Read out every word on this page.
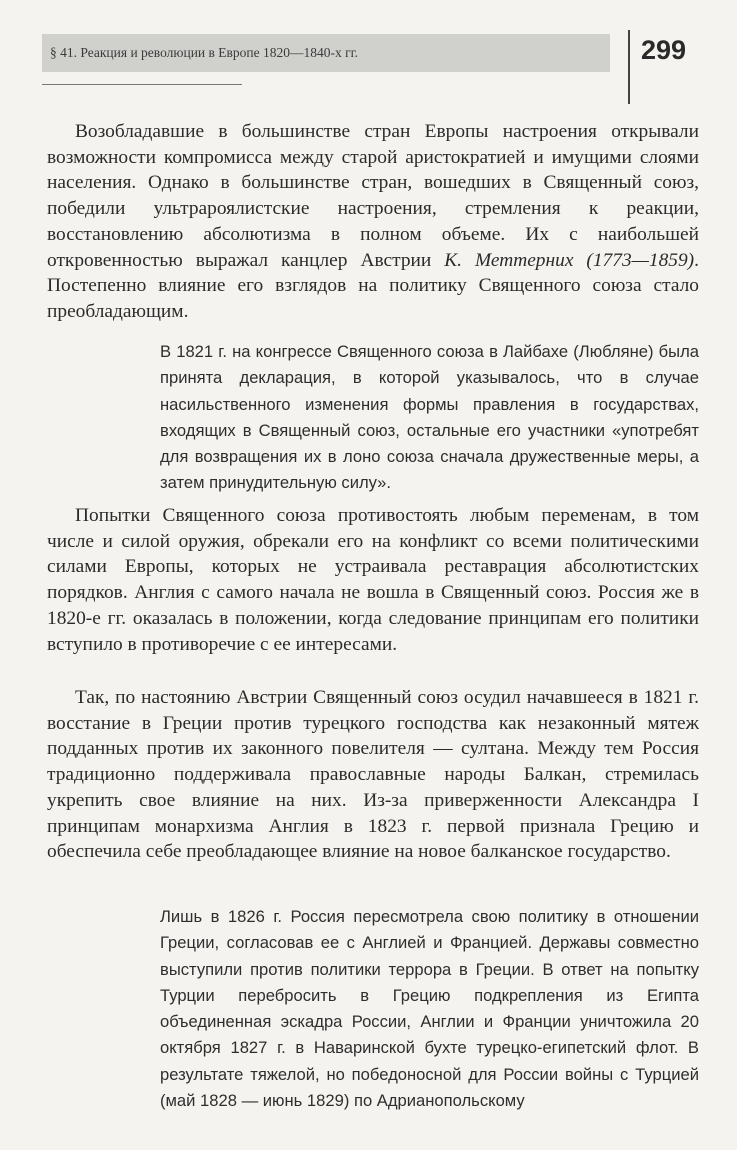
§ 41. Реакция и революции в Европе 1820—1840-х гг.	299

Возобладавшие в большинстве стран Европы настроения открывали возможности компромисса между старой аристократией и имущими слоями населения. Однако в большинстве стран, вошедших в Священный союз, победили ультрароялистские настроения, стремления к реакции, восстановлению абсолютизма в полном объеме. Их с наибольшей откровенностью выражал канцлер Австрии К. Меттерних (1773—1859). Постепенно влияние его взглядов на политику Священного союза стало преобладающим.

В 1821 г. на конгрессе Священного союза в Лайбахе (Любляне) была принята декларация, в которой указывалось, что в случае насильственного изменения формы правления в государствах, входящих в Священный союз, остальные его участники «употребят для возвращения их в лоно союза сначала дружественные меры, а затем принудительную силу».

Попытки Священного союза противостоять любым переменам, в том числе и силой оружия, обрекали его на конфликт со всеми политическими силами Европы, которых не устраивала реставрация абсолютистских порядков. Англия с самого начала не вошла в Священный союз. Россия же в 1820-е гг. оказалась в положении, когда следование принципам его политики вступило в противоречие с ее интересами.

Так, по настоянию Австрии Священный союз осудил начавшееся в 1821 г. восстание в Греции против турецкого господства как незаконный мятеж подданных против их законного повелителя — султана. Между тем Россия традиционно поддерживала православные народы Балкан, стремилась укрепить свое влияние на них. Из-за приверженности Александра I принципам монархизма Англия в 1823 г. первой признала Грецию и обеспечила себе преобладающее влияние на новое балканское государство.

Лишь в 1826 г. Россия пересмотрела свою политику в отношении Греции, согласовав ее с Англией и Францией. Державы совместно выступили против политики террора в Греции. В ответ на попытку Турции перебросить в Грецию подкрепления из Египта объединенная эскадра России, Англии и Франции уничтожила 20 октября 1827 г. в Наваринской бухте турецко-египетский флот. В результате тяжелой, но победоносной для России войны с Турцией (май 1828 — июнь 1829) по Адрианопольскому
